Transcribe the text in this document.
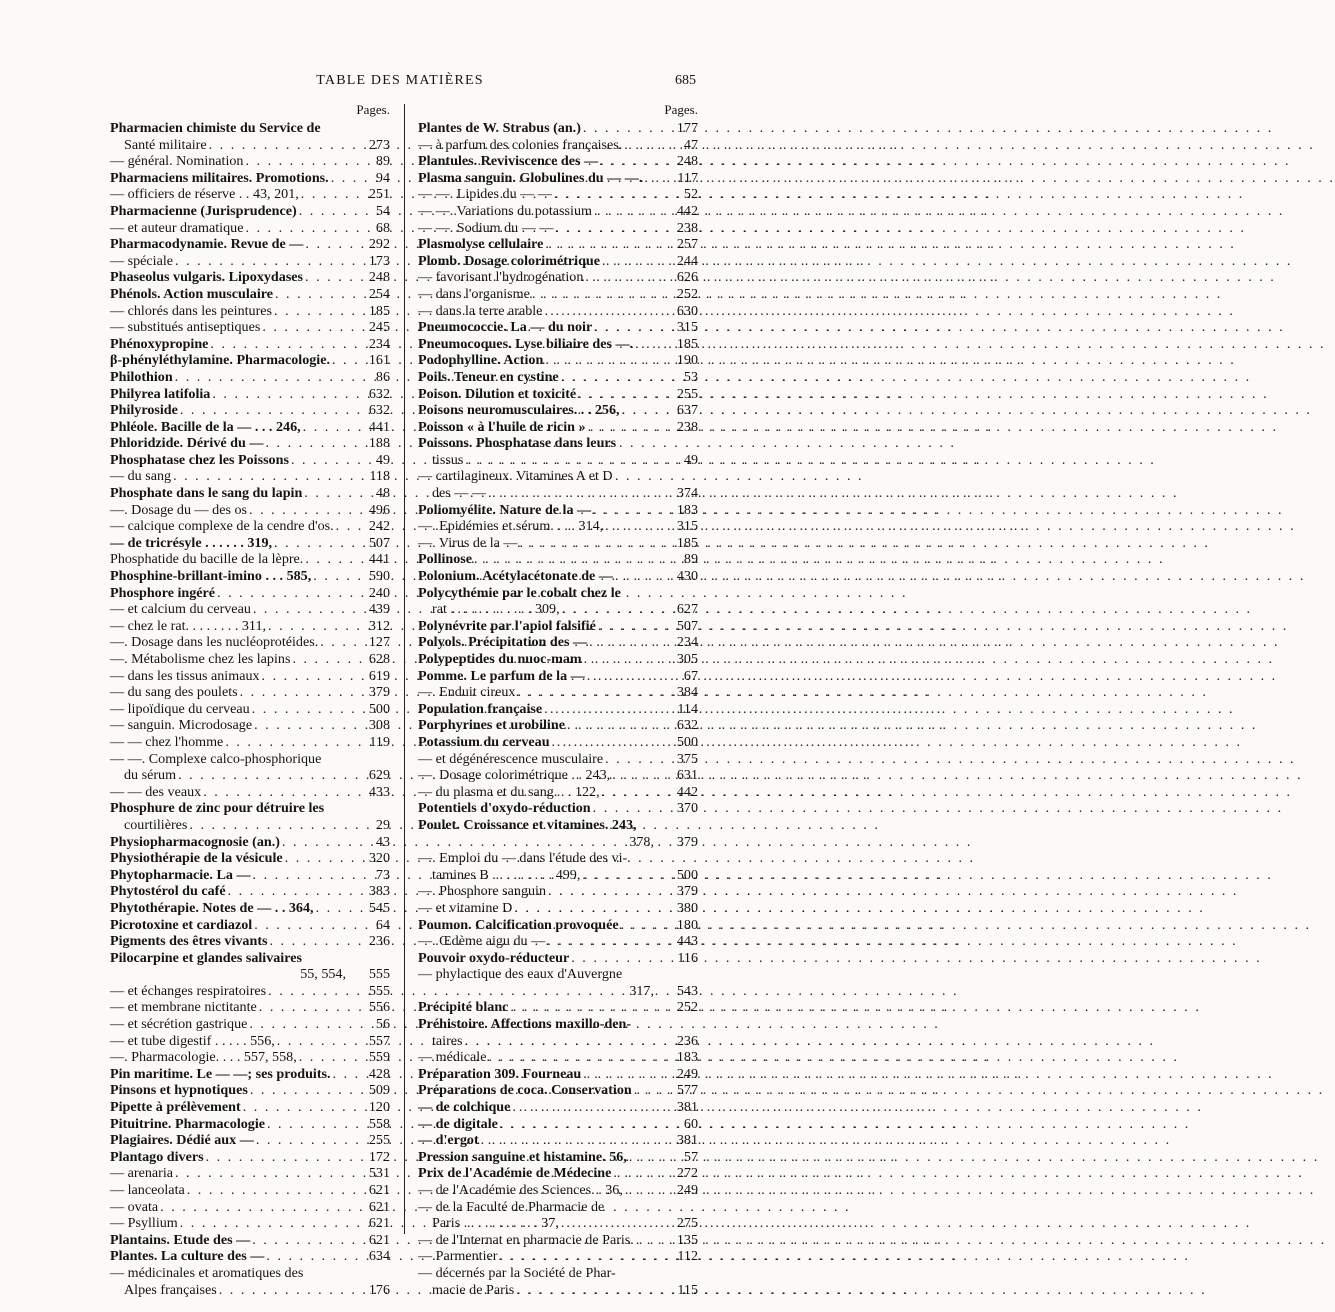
TABLE DES MATIÈRES	685
Pages.
Pharmacien chimiste du Service de
Santé militaire . . .	273
— général. Nomination . . .	89
Pharmaciens militaires. Promotions. . . .	94
— officiers de réserve . . 43, 201, . . .	251
Pharmacienne (Jurisprudence) . . .	54
— et auteur dramatique . . .	68
Pharmacodynamie. Revue de — . . .	292
— spéciale . . .	173
Phaseolus vulgaris. Lipoxydases . . .	248
Phénols. Action musculaire . . .	254
— chlorés dans les peintures . . .	185
— substitués antiseptiques . . .	245
Phénoxypropine . . .	234
β-phényléthylamine. Pharmacologie. . . .	161
Philothion . . .	86
Philyrea latifolia . . .	632
Philyroside . . .	632
Phléole. Bacille de la — . . . 246, . . .	441
Phloridzide. Dérivé du — . . .	188
Phosphatase chez les Poissons . . .	49
— du sang . . .	118
Phosphate dans le sang du lapin . . .	48
—. Dosage du — des os . . .	496
— calcique complexe de la cendre d'os. . . .	242
— de tricrésyle . . . . . . 319, . . .	507
Phosphatide du bacille de la lèpre. . . .	441
Phosphine-brillant-imino . . . 585, . . .	590
Phosphore ingéré . . .	240
— et calcium du cerveau . . .	439
— chez le rat. . . . . . . . 311, . . .	312
—. Dosage dans les nucléoprotéides. . . .	127
—. Métabolisme chez les lapins . . .	628
— dans les tissus animaux . . .	619
— du sang des poulets . . .	379
— lipoïdique du cerveau . . .	500
— sanguin. Microdosage . . .	308
— — chez l'homme . . .	119
— —. Complexe calco-phosphorique
du sérum . . .	629
— — des veaux . . .	433
Phosphure de zinc pour détruire les
courtilières . . .	29
Physiopharmacognosie (an.) . . .	43
Physiothérapie de la vésicule . . .	320
Phytopharmacie. La — . . .	73
Phytostérol du café . . .	383
Phytothérapie. Notes de — . . 364, . . .	545
Picrotoxine et cardiazol . . .	64
Pigments des êtres vivants . . .	236
Pilocarpine et glandes salivaires
55, 554,	555
— et échanges respiratoires . . .	555
— et membrane nictitante . . .	556
— et sécrétion gastrique . . .	56
— et tube digestif . . . . . 556, . . .	557
—. Pharmacologie. . . . 557, 558, . . .	559
Pin maritime. Le — —; ses produits. . . .	428
Pinsons et hypnotiques . . .	509
Pipette à prélèvement . . .	120
Pituitrine. Pharmacologie . . .	558
Plagiaires. Dédié aux — . . .	255
Plantago divers . . .	172
— arenaria . . .	531
— lanceolata . . .	621
— ovata . . .	621
— Psyllium . . .	621
Plantains. Etude des — . . .	621
Plantes. La culture des — . . .	634
— médicinales et aromatiques des
Alpes françaises . . .	176
Pages.
Plantes de W. Strabus (an.) . . .	177
— à parfum des colonies françaises. . . .	47
Plantules. Reviviscence des — . . .	248
Plasma sanguin. Globulines du — —. . . .	117
— —. Lipides du — — . . .	52
— —. Variations du potassium . . .	442
— —. Sodium du — — . . .	238
Plasmolyse cellulaire . . .	257
Plomb. Dosage colorimétrique . . .	244
— favorisant l'hydrogénation . . .	626
— dans l'organisme . . .	252
— dans la terre arable . . .	630
Pneumococcie. La — du noir . . .	315
Pneumocoques. Lyse biliaire des —. . . .	185
Podophylline. Action . . .	190
Poils. Teneur en cystine . . .	53
Poison. Dilution et toxicité . . .	255
Poisons neuromusculaires. . . 256, . . .	637
Poisson « à l'huile de ricin » . . .	238
Poissons. Phosphatase dans leurs
tissus . . .	49
— cartilagineux. Vitamines A et D
des — — . . .	374
Poliomyélite. Nature de la — . . .	183
—. Epidémies et sérum. . . . 314, . . .	315
—. Virus de la — . . .	185
Pollinose . . .	89
Polonium. Acétylacétonate de — . . .	430
Polycythémie par le cobalt chez le
rat . . . . . . . . . . . . 309, . . .	627
Polynévrite par l'apiol falsifié . . .	507
Polyols. Précipitation des — . . .	234
Polypeptides du nuoc-mam . . .	305
Pomme. Le parfum de la — . . .	67
—. Enduit cireux . . .	384
Population française . . .	114
Porphyrines et urobiline . . .	632
Potassium du cerveau . . .	500
— et dégénérescence musculaire . . .	375
—. Dosage colorimétrique . . 243, . . .	631
— du plasma et du sang. . . 122, . . .	442
Potentiels d'oxydo-réduction . . .	370
Poulet. Croissance et vitamines. 243,
378,	379
—. Emploi du — dans l'étude des vi-
tamines B . . . . . . . . . 499, . . .	500
—. Phosphore sanguin . . .	379
— et vitamine D . . .	380
Poumon. Calcification provoquée . . .	180
—. Œdème aigu du — . . .	443
Pouvoir oxydo-réducteur . . .	116
— phylactique des eaux d'Auvergne
317,	543
Précipité blanc . . .	252
Préhistoire. Affections maxillo-den-
taires . . .	236
— médicale . . .	183
Préparation 309. Fourneau . . .	249
Préparations de coca. Conservation . . .	577
— de colchique . . .	381
— de digitale . . .	60
— d'ergot . . .	381
Pression sanguine et histamine. 56, . . .	57
Prix de l'Académie de Médecine . . .	272
— de l'Académie des Sciences. . 36, . . .	249
— de la Faculté de Pharmacie de
Paris . . . . . . . . . . . 37, . . .	275
— de l'Internat en pharmacie de Paris. . . .	135
— Parmentier . . .	112
— décernés par la Société de Phar-
macie de Paris . . .	115
